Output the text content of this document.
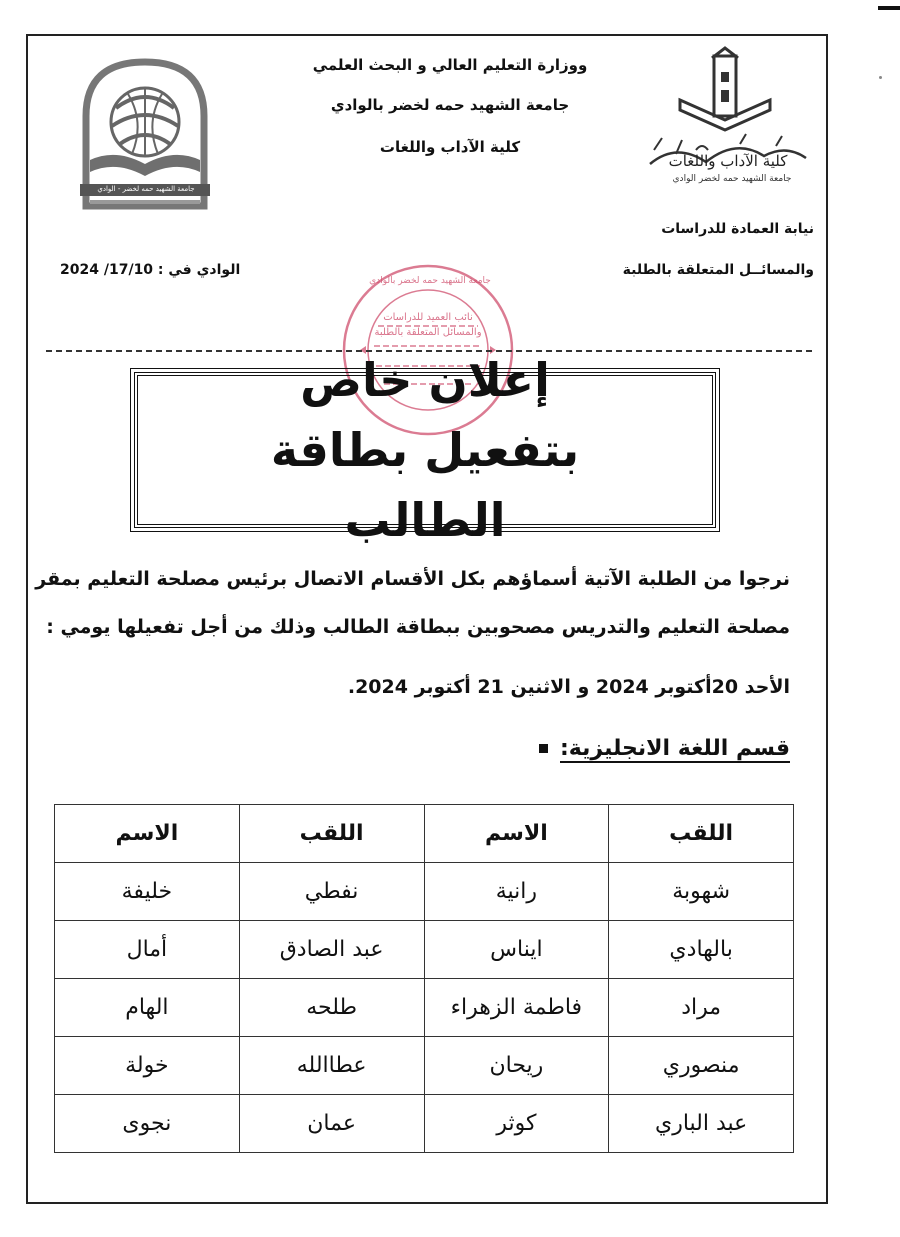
جامعة الشهيد حمه لخضر - الوادي
كلية الآداب واللغات
جامعة الشهيد حمه لخضر الوادي
ووزارة التعليم العالي و البحث العلمي
جامعة الشهيد حمه لخضر بالوادي
كلية الآداب واللغات
نيابة العمادة للدراسات
والمسائــل المتعلقة بالطلبة
الوادي في : 17/10/ 2024
نائب العميد للدراسات والمسائل المتعلقة بالطلبة
جامعة الشهيد حمه لخضر بالوادي
إعلان خاص بتفعيل بطاقة الطالب
نرجوا من الطلبة الآتية أسماؤهم بكل الأقسام الاتصال برئيس مصلحة التعليم بمقر
مصلحة التعليم والتدريس مصحوبين ببطاقة الطالب وذلك من أجل تفعيلها يومي :
الأحد 20أكتوبر 2024 و الاثنين 21 أكتوبر 2024.
قسم اللغة الانجليزية:
اللقب	الاسم	اللقب	الاسم
شهوبة	رانية	نفطي	خليفة
بالهادي	ايناس	عبد الصادق	أمال
مراد	فاطمة الزهراء	طلحه	الهام
منصوري	ريحان	عطاالله	خولة
عبد الباري	كوثر	عمان	نجوى
